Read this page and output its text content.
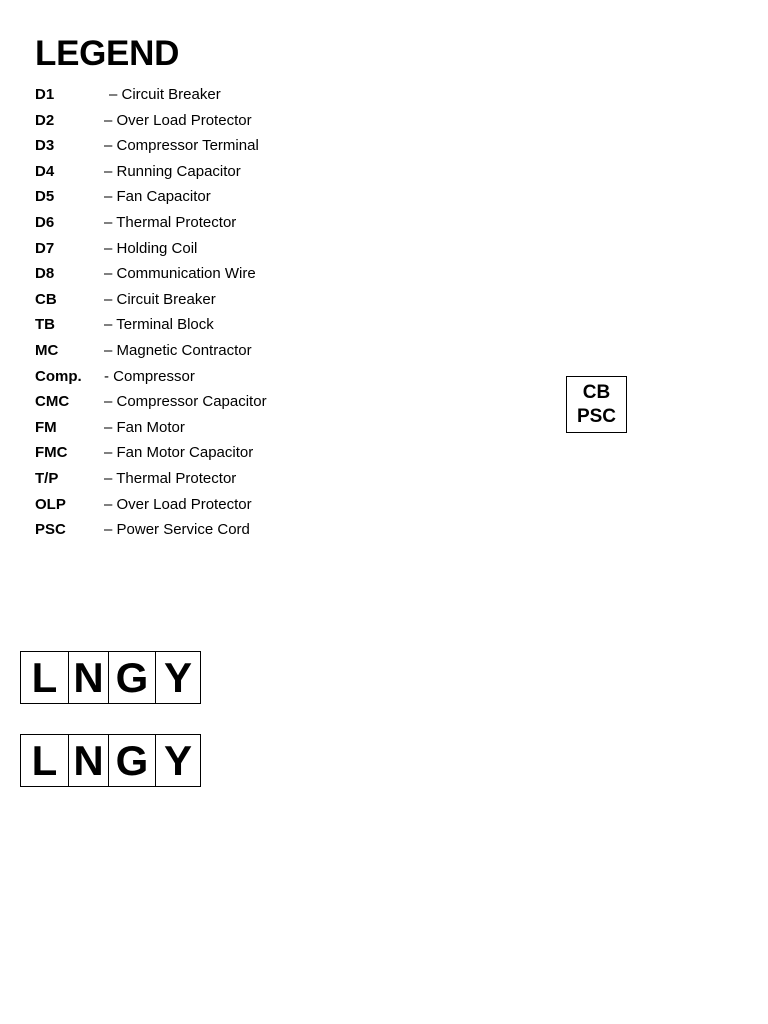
LEGEND
D1	– Circuit Breaker
D2	– Over Load Protector
D3	– Compressor Terminal
D4	– Running Capacitor
D5	– Fan Capacitor
D6	– Thermal Protector
D7	– Holding Coil
D8	– Communication Wire
CB	– Circuit Breaker
TB	– Terminal Block
MC	– Magnetic Contractor
Comp. - Compressor
CMC – Compressor Capacitor
FM	– Fan Motor
FMC – Fan Motor Capacitor
T/P	– Thermal Protector
OLP	– Over Load Protector
PSC	– Power Service Cord
CB
PSC
L N G Y
L N G Y
